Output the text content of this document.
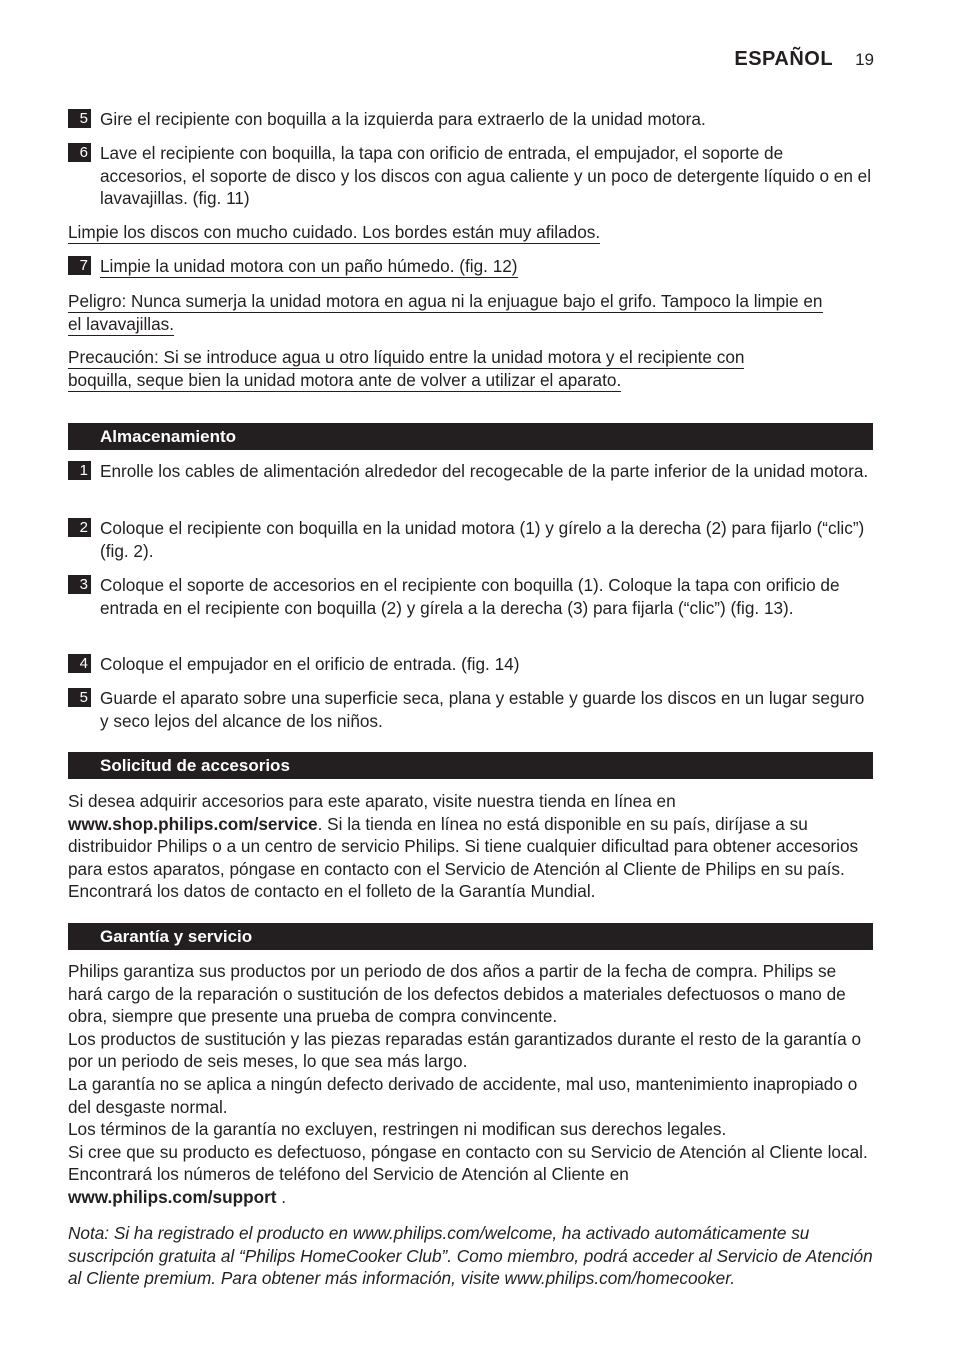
ESPAÑOL 19
5 Gire el recipiente con boquilla a la izquierda para extraerlo de la unidad motora.
6 Lave el recipiente con boquilla, la tapa con orificio de entrada, el empujador, el soporte de accesorios, el soporte de disco y los discos con agua caliente y un poco de detergente líquido o en el lavavajillas. (fig. 11)
Limpie los discos con mucho cuidado. Los bordes están muy afilados.
7 Limpie la unidad motora con un paño húmedo. (fig. 12)
Peligro: Nunca sumerja la unidad motora en agua ni la enjuague bajo el grifo. Tampoco la limpie en
el lavavajillas.
Precaución: Si se introduce agua u otro líquido entre la unidad motora y el recipiente con
boquilla, seque bien la unidad motora ante de volver a utilizar el aparato.
Almacenamiento
1 Enrolle los cables de alimentación alrededor del recogecable de la parte inferior de la unidad motora.
2 Coloque el recipiente con boquilla en la unidad motora (1) y gírelo a la derecha (2) para fijarlo (“clic”) (fig. 2).
3 Coloque el soporte de accesorios en el recipiente con boquilla (1). Coloque la tapa con orificio de entrada en el recipiente con boquilla (2) y gírela a la derecha (3) para fijarla (“clic”) (fig. 13).
4 Coloque el empujador en el orificio de entrada. (fig. 14)
5 Guarde el aparato sobre una superficie seca, plana y estable y guarde los discos en un lugar seguro y seco lejos del alcance de los niños.
Solicitud de accesorios
Si desea adquirir accesorios para este aparato, visite nuestra tienda en línea en www.shop.philips.com/service. Si la tienda en línea no está disponible en su país, diríjase a su distribuidor Philips o a un centro de servicio Philips. Si tiene cualquier dificultad para obtener accesorios para estos aparatos, póngase en contacto con el Servicio de Atención al Cliente de Philips en su país. Encontrará los datos de contacto en el folleto de la Garantía Mundial.
Garantía y servicio
Philips garantiza sus productos por un periodo de dos años a partir de la fecha de compra. Philips se hará cargo de la reparación o sustitución de los defectos debidos a materiales defectuosos o mano de obra, siempre que presente una prueba de compra convincente.
Los productos de sustitución y las piezas reparadas están garantizados durante el resto de la garantía o por un periodo de seis meses, lo que sea más largo.
La garantía no se aplica a ningún defecto derivado de accidente, mal uso, mantenimiento inapropiado o del desgaste normal.
Los términos de la garantía no excluyen, restringen ni modifican sus derechos legales.
Si cree que su producto es defectuoso, póngase en contacto con su Servicio de Atención al Cliente local. Encontrará los números de teléfono del Servicio de Atención al Cliente en
www.philips.com/support .
Nota: Si ha registrado el producto en www.philips.com/welcome, ha activado automáticamente su suscripción gratuita al “Philips HomeCooker Club”. Como miembro, podrá acceder al Servicio de Atención al Cliente premium. Para obtener más información, visite www.philips.com/homecooker.
